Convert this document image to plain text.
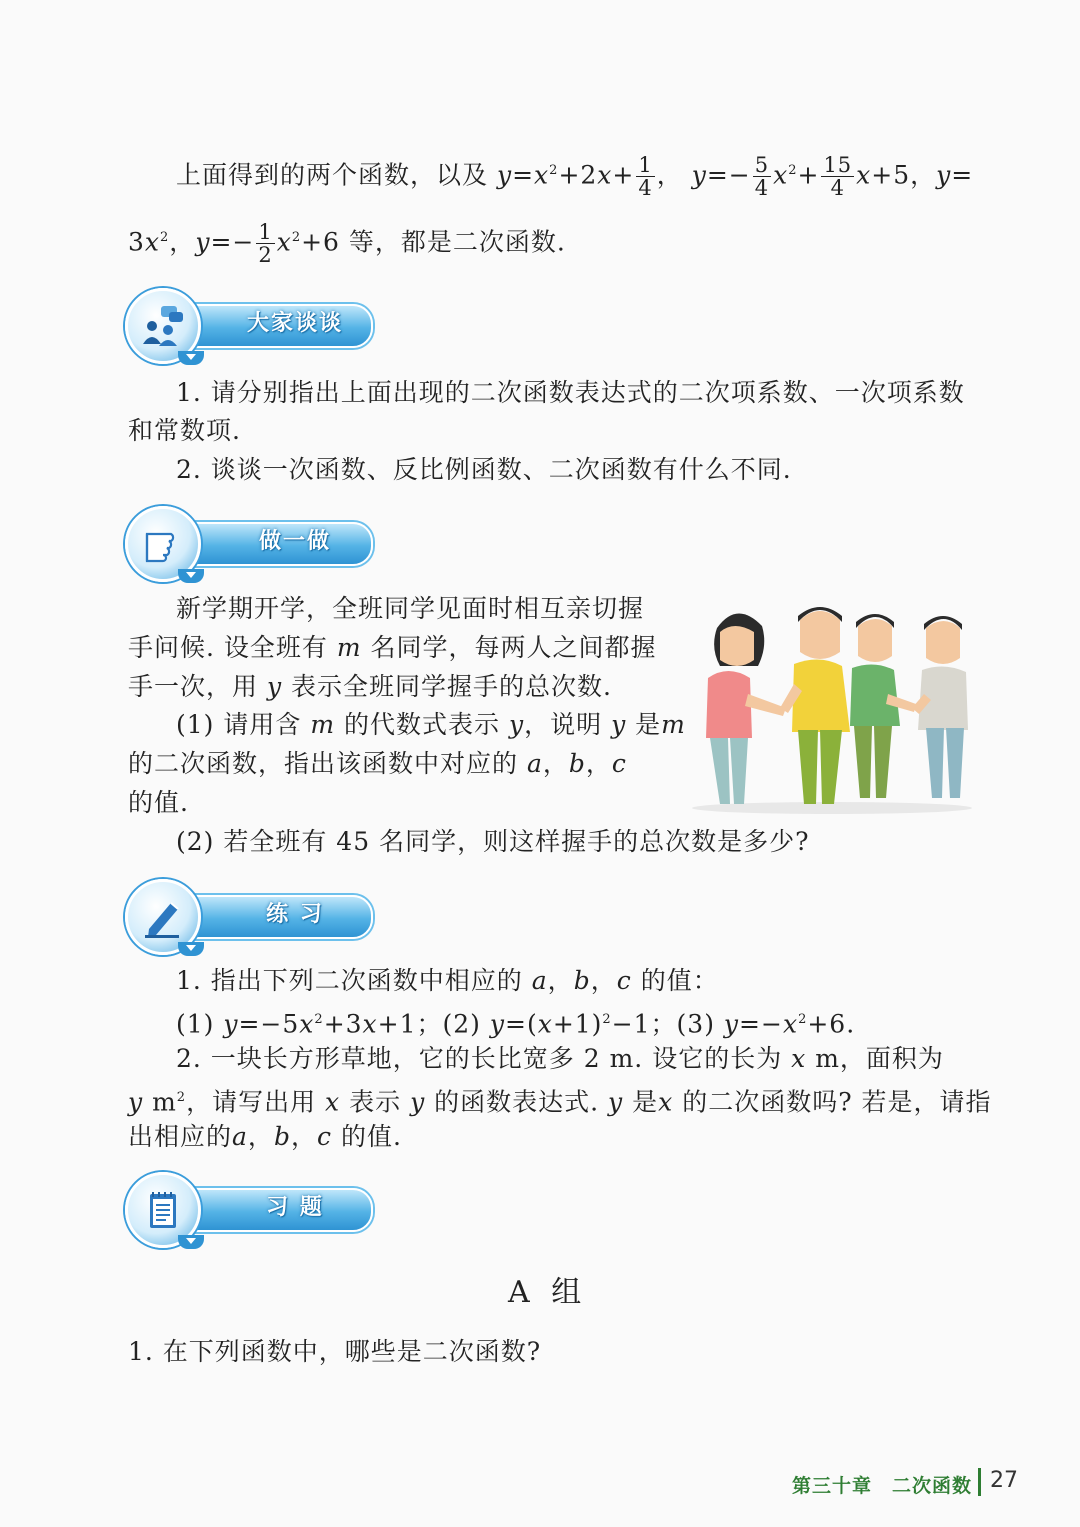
上面得到的两个函数，以及 $y=x^2+2x+ \frac{1}{4}$ ， $y=- \frac{5}{4} x^2+ \frac{15}{4} x+5$，y=
$3x^2$，$y=- \frac{1}{2} x^2+6$ 等，都是二次函数.
大家谈谈
1. 请分别指出上面出现的二次函数表达式的二次项系数、一次项系数
和常数项.
2. 谈谈一次函数、反比例函数、二次函数有什么不同.
做一做
新学期开学，全班同学见面时相互亲切握
手问候. 设全班有 m 名同学，每两人之间都握
手一次，用 y 表示全班同学握手的总次数.
(1) 请用含 m 的代数式表示 y，说明 y 是m
的二次函数，指出该函数中对应的 a，b，c
的值.
(2) 若全班有 45 名同学，则这样握手的总次数是多少?
练 习
1. 指出下列二次函数中相应的 a，b，c 的值：
(1) $y=-5x^2+3x+1$；(2) $y=(x+1)^2-1$；(3) $y=-x^2+6$.
2. 一块长方形草地，它的长比宽多 2 m. 设它的长为 x m，面积为
y $m^2$，请写出用 x 表示 y 的函数表达式. y 是x 的二次函数吗? 若是，请指
出相应的a，b，c 的值.
习 题
A 组
1. 在下列函数中，哪些是二次函数?
第三十章　二次函数 27
